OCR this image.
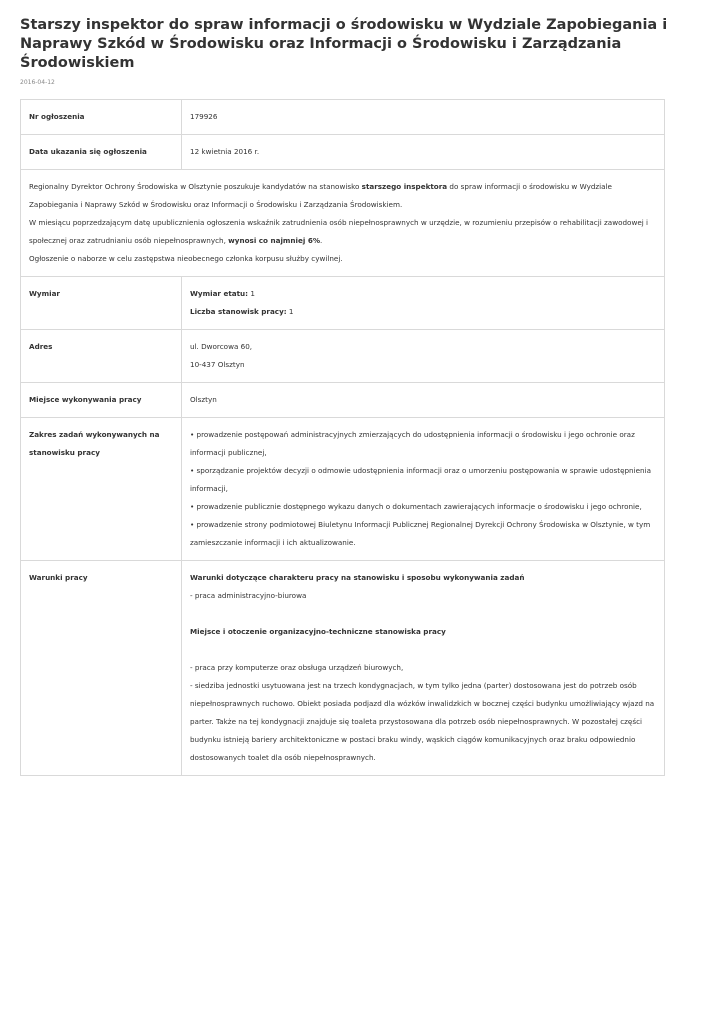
Starszy inspektor do spraw informacji o środowisku w Wydziale Zapobiegania i Naprawy Szkód w Środowisku oraz Informacji o Środowisku i Zarządzania Środowiskiem
2016-04-12
Nr ogłoszenia	179926
Data ukazania się ogłoszenia	12 kwietnia 2016 r.

Regionalny Dyrektor Ochrony Środowiska w Olsztynie poszukuje kandydatów na stanowisko starszego inspektora do spraw informacji o środowisku w Wydziale Zapobiegania i Naprawy Szkód w Środowisku oraz Informacji o Środowisku i Zarządzania Środowiskiem.

W miesiącu poprzedzającym datę upublicznienia ogłoszenia wskaźnik zatrudnienia osób niepełnosprawnych w urzędzie, w rozumieniu przepisów o rehabilitacji zawodowej i społecznej oraz zatrudnianiu osób niepełnosprawnych, wynosi co najmniej 6%.

Ogłoszenie o naborze w celu zastępstwa nieobecnego członka korpusu służby cywilnej.	

Wymiar	Wymiar etatu: 1

Liczba stanowisk pracy: 1

Adres	ul. Dworcowa 60,

10-437 Olsztyn

Miejsce wykonywania pracy	Olsztyn
Zakres zadań wykonywanych na stanowisku pracy	• prowadzenie postępowań administracyjnych zmierzających do udostępnienia informacji o środowisku i jego ochronie oraz informacji publicznej,

• sporządzanie projektów decyzji o odmowie udostępnienia informacji oraz o umorzeniu postępowania w sprawie udostępnienia informacji,

• prowadzenie publicznie dostępnego wykazu danych o dokumentach zawierających informacje o środowisku i jego ochronie,

• prowadzenie strony podmiotowej Biuletynu Informacji Publicznej Regionalnej Dyrekcji Ochrony Środowiska w Olsztynie, w tym zamieszczanie informacji i ich aktualizowanie.

Warunki pracy	Warunki dotyczące charakteru pracy na stanowisku i sposobu wykonywania zadań

- praca administracyjno-biurowa

Miejsce i otoczenie organizacyjno-techniczne stanowiska pracy

- praca przy komputerze oraz obsługa urządzeń biurowych,

- siedziba jednostki usytuowana jest na trzech kondygnacjach, w tym tylko jedna (parter) dostosowana jest do potrzeb osób niepełnosprawnych ruchowo. Obiekt posiada podjazd dla wózków inwalidzkich w bocznej części budynku umożliwiający wjazd na parter. Także na tej kondygnacji znajduje się toaleta przystosowana dla potrzeb osób niepełnosprawnych. W pozostałej części budynku istnieją bariery architektoniczne w postaci braku windy, wąskich ciągów komunikacyjnych oraz braku odpowiednio dostosowanych toalet dla osób niepełnosprawnych.
